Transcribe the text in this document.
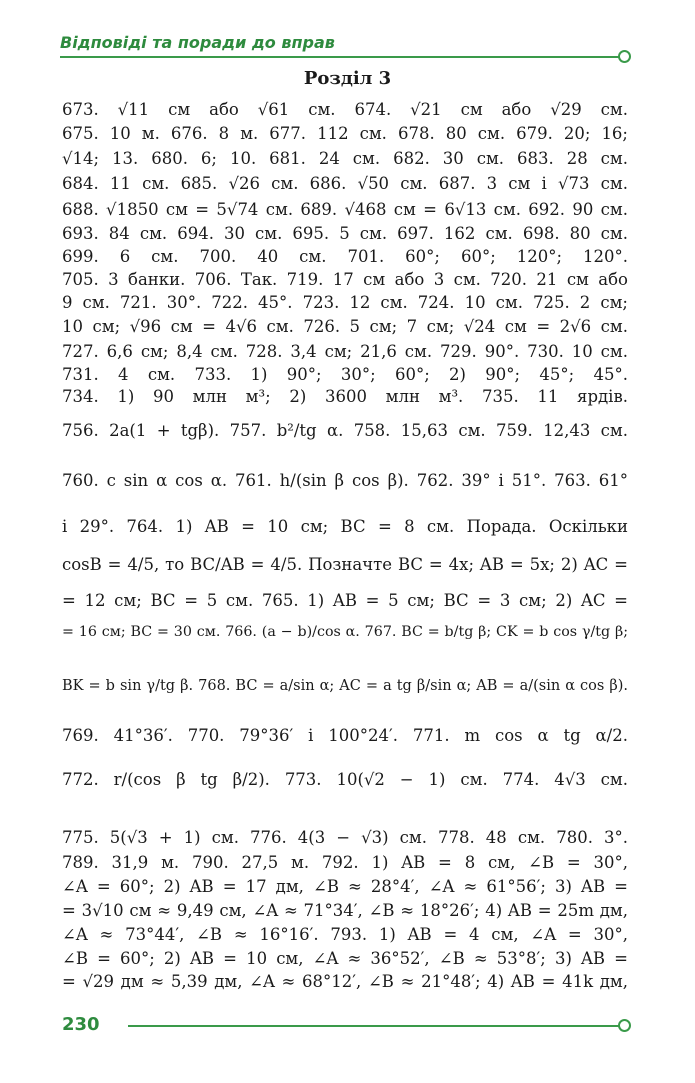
Відповіді та поради до вправ
Розділ 3
673. √11 см або √61 см. 674. √21 см або √29 см.
675. 10 м. 676. 8 м. 677. 112 см. 678. 80 см. 679. 20; 16;
√14; 13. 680. 6; 10. 681. 24 см. 682. 30 см. 683. 28 см.
684. 11 см. 685. √26 см. 686. √50 см. 687. 3 см і √73 см.
688. √1850 см = 5√74 см. 689. √468 см = 6√13 см. 692. 90 см.
693. 84 см. 694. 30 см. 695. 5 см. 697. 162 см. 698. 80 см.
699. 6 см. 700. 40 см. 701. 60°; 60°; 120°; 120°.
705. 3 банки. 706. Так. 719. 17 см або 3 см. 720. 21 см або
9 см. 721. 30°. 722. 45°. 723. 12 см. 724. 10 см. 725. 2 см;
10 см; √96 см = 4√6 см. 726. 5 см; 7 см; √24 см = 2√6 см.
727. 6,6 см; 8,4 см. 728. 3,4 см; 21,6 см. 729. 90°. 730. 10 см.
731. 4 см. 733. 1) 90°; 30°; 60°; 2) 90°; 45°; 45°.
734. 1) 90 млн м³; 2) 3600 млн м³. 735. 11 ярдів.
756. 2a(1 + tgβ). 757. b²/tg α. 758. 15,63 см. 759. 12,43 см.
760. c sin α cos α. 761. h/(sin β cos β). 762. 39° і 51°. 763. 61°
і 29°. 764. 1) AB = 10 см; BC = 8 см. Порада. Оскільки
cosB = 4/5, то BC/AB = 4/5. Позначте BC = 4x; AB = 5x; 2) AC =
= 12 см; BC = 5 см. 765. 1) AB = 5 см; BC = 3 см; 2) AC =
= 16 см; BC = 30 см. 766. (a − b)/cos α. 767. BC = b/tg β; CK = b cos γ/tg β;
BK = b sin γ/tg β. 768. BC = a/sin α; AC = a tg β/sin α; AB = a/(sin α cos β).
769. 41°36′. 770. 79°36′ і 100°24′. 771. m cos α tg α/2.
772. r/(cos β tg β/2). 773. 10(√2 − 1) см. 774. 4√3 см.
775. 5(√3 + 1) см. 776. 4(3 − √3) см. 778. 48 см. 780. 3°.
789. 31,9 м. 790. 27,5 м. 792. 1) AB = 8 см, ∠B = 30°,
∠A = 60°; 2) AB = 17 дм, ∠B ≈ 28°4′, ∠A ≈ 61°56′; 3) AB =
= 3√10 см ≈ 9,49 см, ∠A ≈ 71°34′, ∠B ≈ 18°26′; 4) AB = 25m дм,
∠A ≈ 73°44′, ∠B ≈ 16°16′. 793. 1) AB = 4 см, ∠A = 30°,
∠B = 60°; 2) AB = 10 см, ∠A ≈ 36°52′, ∠B ≈ 53°8′; 3) AB =
= √29 дм ≈ 5,39 дм, ∠A ≈ 68°12′, ∠B ≈ 21°48′; 4) AB = 41k дм,
230
